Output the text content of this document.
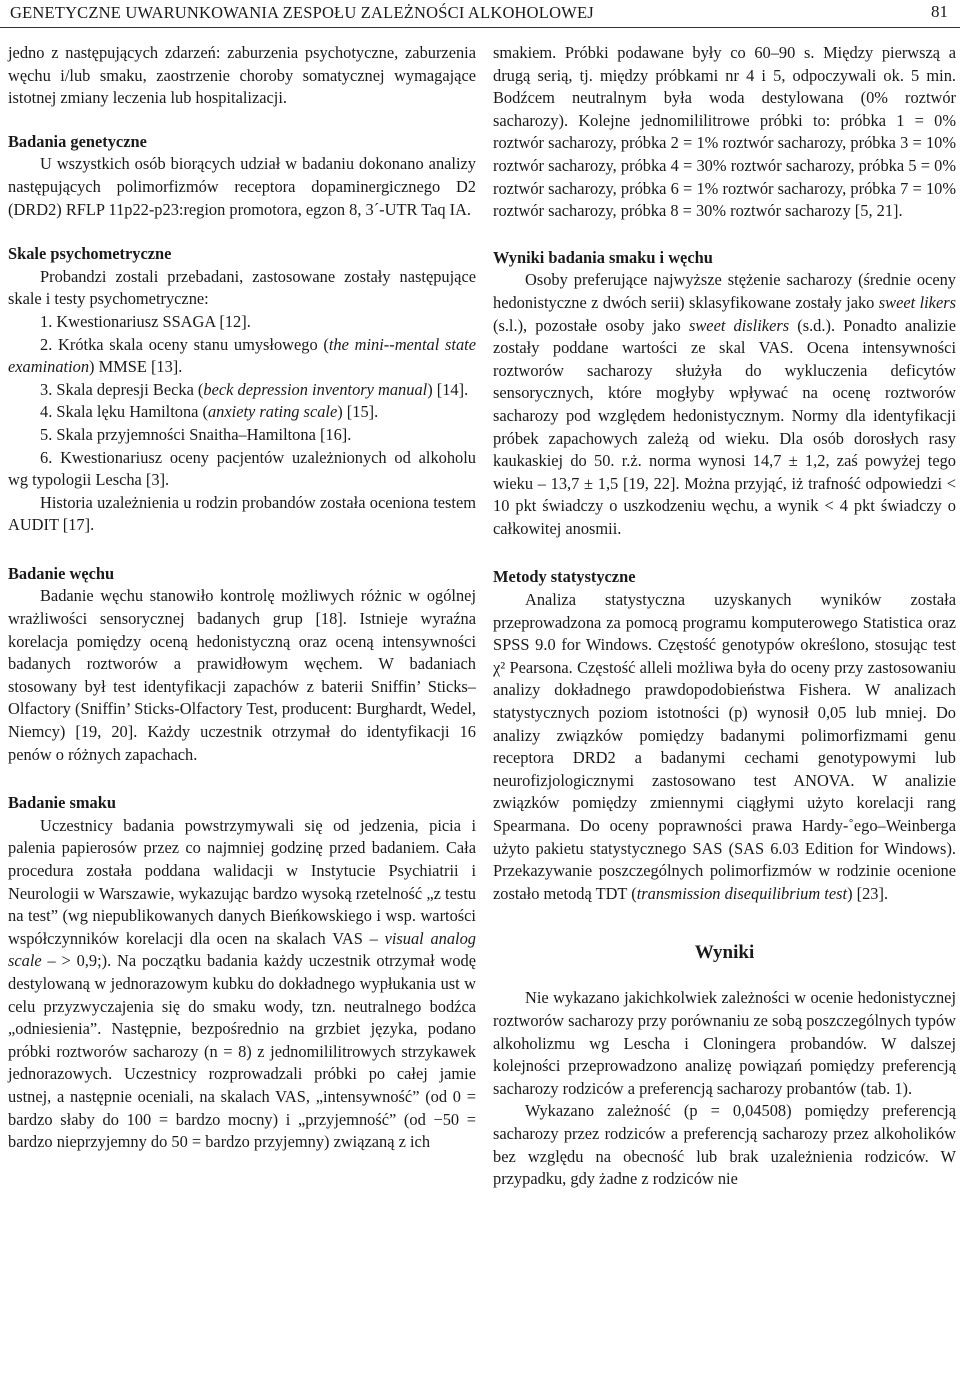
GENETYCZNE UWARUNKOWANIA ZESPOŁU ZALEŻNOŚCI ALKOHOLOWEJ	81

jedno z następujących zdarzeń: zaburzenia psychotyczne, zaburzenia węchu i/lub smaku, zaostrzenie choroby somatycznej wymagające istotnej zmiany leczenia lub hospitalizacji.

Badania genetyczne

U wszystkich osób biorących udział w badaniu dokonano analizy następujących polimorfizmów receptora dopaminergicznego D2 (DRD2) RFLP 11p22-p23:region promotora, egzon 8, 3´-UTR Taq IA.

Skale psychometryczne

Probandzi zostali przebadani, zastosowane zostały następujące skale i testy psychometryczne:

1. Kwestionariusz SSAGA [12].

2. Krótka skala oceny stanu umysłowego (the mini--mental state examination) MMSE [13].

3. Skala depresji Becka (beck depression inventory manual) [14].

4. Skala lęku Hamiltona (anxiety rating scale) [15].

5. Skala przyjemności Snaitha–Hamiltona [16].

6. Kwestionariusz oceny pacjentów uzależnionych od alkoholu wg typologii Lescha [3].

Historia uzależnienia u rodzin probandów została oceniona testem AUDIT [17].

Badanie węchu

Badanie węchu stanowiło kontrolę możliwych różnic w ogólnej wrażliwości sensorycznej badanych grup [18]. Istnieje wyraźna korelacja pomiędzy oceną hedonistyczną oraz oceną intensywności badanych roztworów a prawidłowym węchem. W badaniach stosowany był test identyfikacji zapachów z baterii Sniffin’ Sticks–Olfactory (Sniffin’ Sticks-Olfactory Test, producent: Burghardt, Wedel, Niemcy) [19, 20]. Każdy uczestnik otrzymał do identyfikacji 16 penów o różnych zapachach.

Badanie smaku

Uczestnicy badania powstrzymywali się od jedzenia, picia i palenia papierosów przez co najmniej godzinę przed badaniem. Cała procedura została poddana walidacji w Instytucie Psychiatrii i Neurologii w Warszawie, wykazując bardzo wysoką rzetelność „z testu na test” (wg niepublikowanych danych Bieńkowskiego i wsp. wartości współczynników korelacji dla ocen na skalach VAS – visual analog scale – > 0,9;). Na początku badania każdy uczestnik otrzymał wodę destylowaną w jednorazowym kubku do dokładnego wypłukania ust w celu przyzwyczajenia się do smaku wody, tzn. neutralnego bodźca „odniesienia”. Następnie, bezpośrednio na grzbiet języka, podano próbki roztworów sacharozy (n = 8) z jednomililitrowych strzykawek jednorazowych. Uczestnicy rozprowadzali próbki po całej jamie ustnej, a następnie oceniali, na skalach VAS, „intensywność” (od 0 = bardzo słaby do 100 = bardzo mocny) i „przyjemność” (od −50 = bardzo nieprzyjemny do 50 = bardzo przyjemny) związaną z ich

smakiem. Próbki podawane były co 60–90 s. Między pierwszą a drugą serią, tj. między próbkami nr 4 i 5, odpoczywali ok. 5 min. Bodźcem neutralnym była woda destylowana (0% roztwór sacharozy). Kolejne jednomililitrowe próbki to: próbka 1 = 0% roztwór sacharozy, próbka 2 = 1% roztwór sacharozy, próbka 3 = 10% roztwór sacharozy, próbka 4 = 30% roztwór sacharozy, próbka 5 = 0% roztwór sacharozy, próbka 6 = 1% roztwór sacharozy, próbka 7 = 10% roztwór sacharozy, próbka 8 = 30% roztwór sacharozy [5, 21].

Wyniki badania smaku i węchu

Osoby preferujące najwyższe stężenie sacharozy (średnie oceny hedonistyczne z dwóch serii) sklasyfikowane zostały jako sweet likers (s.l.), pozostałe osoby jako sweet dislikers (s.d.). Ponadto analizie zostały poddane wartości ze skal VAS. Ocena intensywności roztworów sacharozy służyła do wykluczenia deficytów sensorycznych, które mogłyby wpływać na ocenę roztworów sacharozy pod względem hedonistycznym. Normy dla identyfikacji próbek zapachowych zależą od wieku. Dla osób dorosłych rasy kaukaskiej do 50. r.ż. norma wynosi 14,7 ± 1,2, zaś powyżej tego wieku – 13,7 ± 1,5 [19, 22]. Można przyjąć, iż trafność odpowiedzi < 10 pkt świadczy o uszkodzeniu węchu, a wynik < 4 pkt świadczy o całkowitej anosmii.

Metody statystyczne

Analiza statystyczna uzyskanych wyników została przeprowadzona za pomocą programu komputerowego Statistica oraz SPSS 9.0 for Windows. Częstość genotypów określono, stosując test χ² Pearsona. Częstość alleli możliwa była do oceny przy zastosowaniu analizy dokładnego prawdopodobieństwa Fishera. W analizach statystycznych poziom istotności (p) wynosił 0,05 lub mniej. Do analizy związków pomiędzy badanymi polimorfizmami genu receptora DRD2 a badanymi cechami genotypowymi lub neurofizjologicznymi zastosowano test ANOVA. W analizie związków pomiędzy zmiennymi ciągłymi użyto korelacji rang Spearmana. Do oceny poprawności prawa Hardy-˚ego–Weinberga użyto pakietu statystycznego SAS (SAS 6.03 Edition for Windows). Przekazywanie poszczególnych polimorfizmów w rodzinie ocenione zostało metodą TDT (transmission disequilibrium test) [23].

Wyniki

Nie wykazano jakichkolwiek zależności w ocenie hedonistycznej roztworów sacharozy przy porównaniu ze sobą poszczególnych typów alkoholizmu wg Lescha i Cloningera probandów. W dalszej kolejności przeprowadzono analizę powiązań pomiędzy preferencją sacharozy rodziców a preferencją sacharozy probantów (tab. 1).

Wykazano zależność (p = 0,04508) pomiędzy preferencją sacharozy przez rodziców a preferencją sacharozy przez alkoholików bez względu na obecność lub brak uzależnienia rodziców. W przypadku, gdy żadne z rodziców nie
